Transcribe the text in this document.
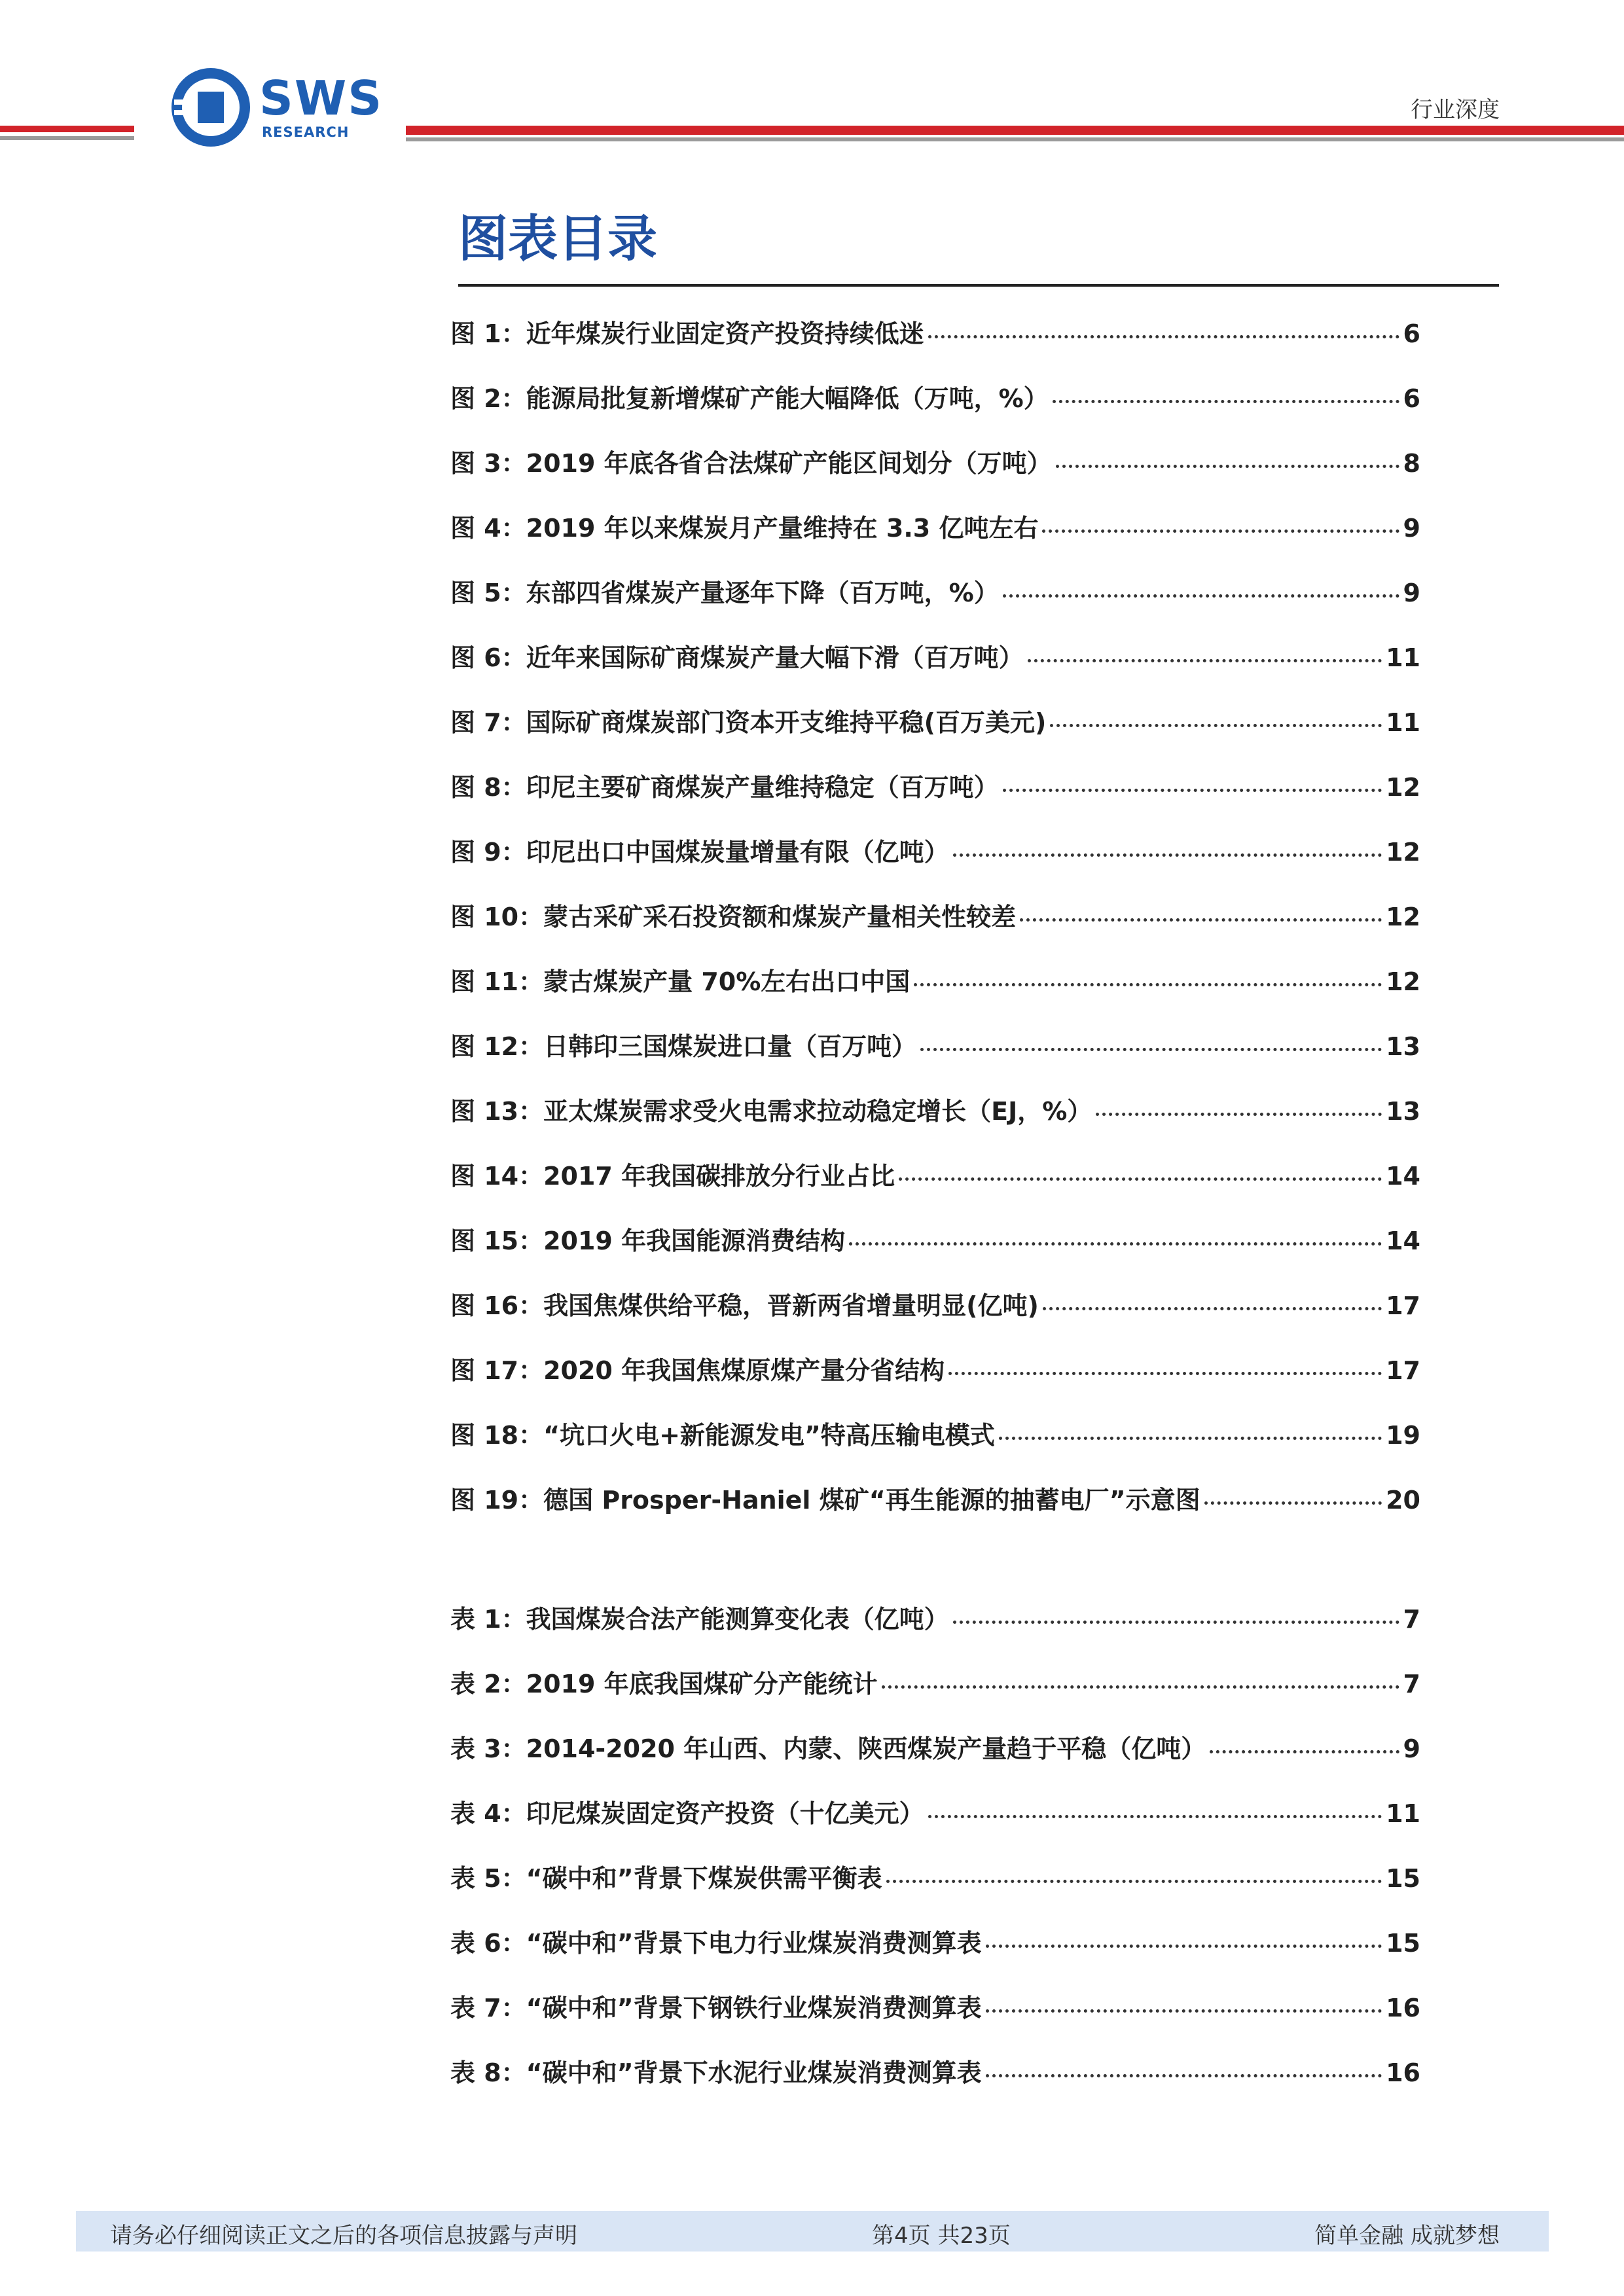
SWS
RESEARCH
行业深度
图表目录
图 1：近年煤炭行业固定资产投资持续低迷	6
图 2：能源局批复新增煤矿产能大幅降低（万吨，%）	6
图 3：2019 年底各省合法煤矿产能区间划分（万吨）	8
图 4：2019 年以来煤炭月产量维持在 3.3 亿吨左右	9
图 5：东部四省煤炭产量逐年下降（百万吨，%）	9
图 6：近年来国际矿商煤炭产量大幅下滑（百万吨）	11
图 7：国际矿商煤炭部门资本开支维持平稳(百万美元)	11
图 8：印尼主要矿商煤炭产量维持稳定（百万吨）	12
图 9：印尼出口中国煤炭量增量有限（亿吨）	12
图 10：蒙古采矿采石投资额和煤炭产量相关性较差	12
图 11：蒙古煤炭产量 70%左右出口中国	12
图 12：日韩印三国煤炭进口量（百万吨）	13
图 13：亚太煤炭需求受火电需求拉动稳定增长（EJ，%）	13
图 14：2017 年我国碳排放分行业占比	14
图 15：2019 年我国能源消费结构	14
图 16：我国焦煤供给平稳，晋新两省增量明显(亿吨)	17
图 17：2020 年我国焦煤原煤产量分省结构	17
图 18：“坑口火电+新能源发电”特高压输电模式	19
图 19：德国 Prosper-Haniel 煤矿“再生能源的抽蓄电厂”示意图	20
表 1：我国煤炭合法产能测算变化表（亿吨）	7
表 2：2019 年底我国煤矿分产能统计	7
表 3：2014-2020 年山西、内蒙、陕西煤炭产量趋于平稳（亿吨）	9
表 4：印尼煤炭固定资产投资（十亿美元）	11
表 5：“碳中和”背景下煤炭供需平衡表	15
表 6：“碳中和”背景下电力行业煤炭消费测算表	15
表 7：“碳中和”背景下钢铁行业煤炭消费测算表	16
表 8：“碳中和”背景下水泥行业煤炭消费测算表	16
请务必仔细阅读正文之后的各项信息披露与声明	第4页 共23页	简单金融 成就梦想
